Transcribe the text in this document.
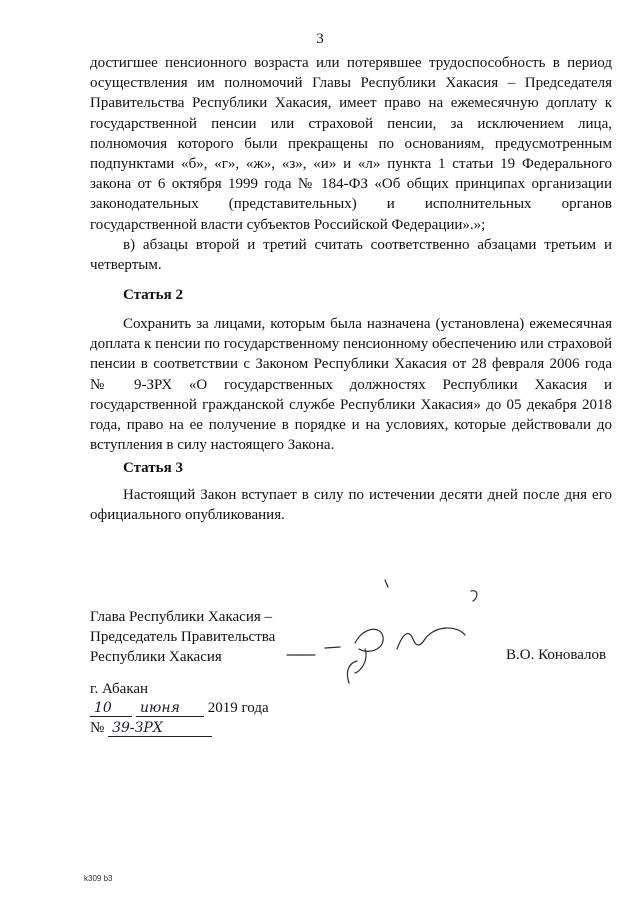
3

достигшее пенсионного возраста или потерявшее трудоспособность в период осуществления им полномочий Главы Республики Хакасия – Председателя Правительства Республики Хакасия, имеет право на ежемесячную доплату к государственной пенсии или страховой пенсии, за исключением лица, полномочия которого были прекращены по основаниям, предусмотренным подпунктами «б», «г», «ж», «з», «и» и «л» пункта 1 статьи 19 Федерального закона от 6 октября 1999 года № 184-ФЗ «Об общих принципах организации законодательных (представительных) и исполнительных органов государственной власти субъектов Российской Федерации».»;

в) абзацы второй и третий считать соответственно абзацами третьим и четвертым.

Статья 2

Сохранить за лицами, которым была назначена (установлена) ежемесячная доплата к пенсии по государственному пенсионному обеспечению или страховой пенсии в соответствии с Законом Республики Хакасия от 28 февраля 2006 года № 9-ЗРХ «О государственных должностях Республики Хакасия и государственной гражданской службе Республики Хакасия» до 05 декабря 2018 года, право на ее получение в порядке и на условиях, которые действовали до вступления в силу настоящего Закона.

Статья 3

Настоящий Закон вступает в силу по истечении десяти дней после дня его официального опубликования.

Глава Республики Хакасия –
Председатель Правительства
Республики Хакасия	В.О. Коновалов
г. Абакан
10 июня 2019 года
№ 39-ЗРХ
k309 b3
